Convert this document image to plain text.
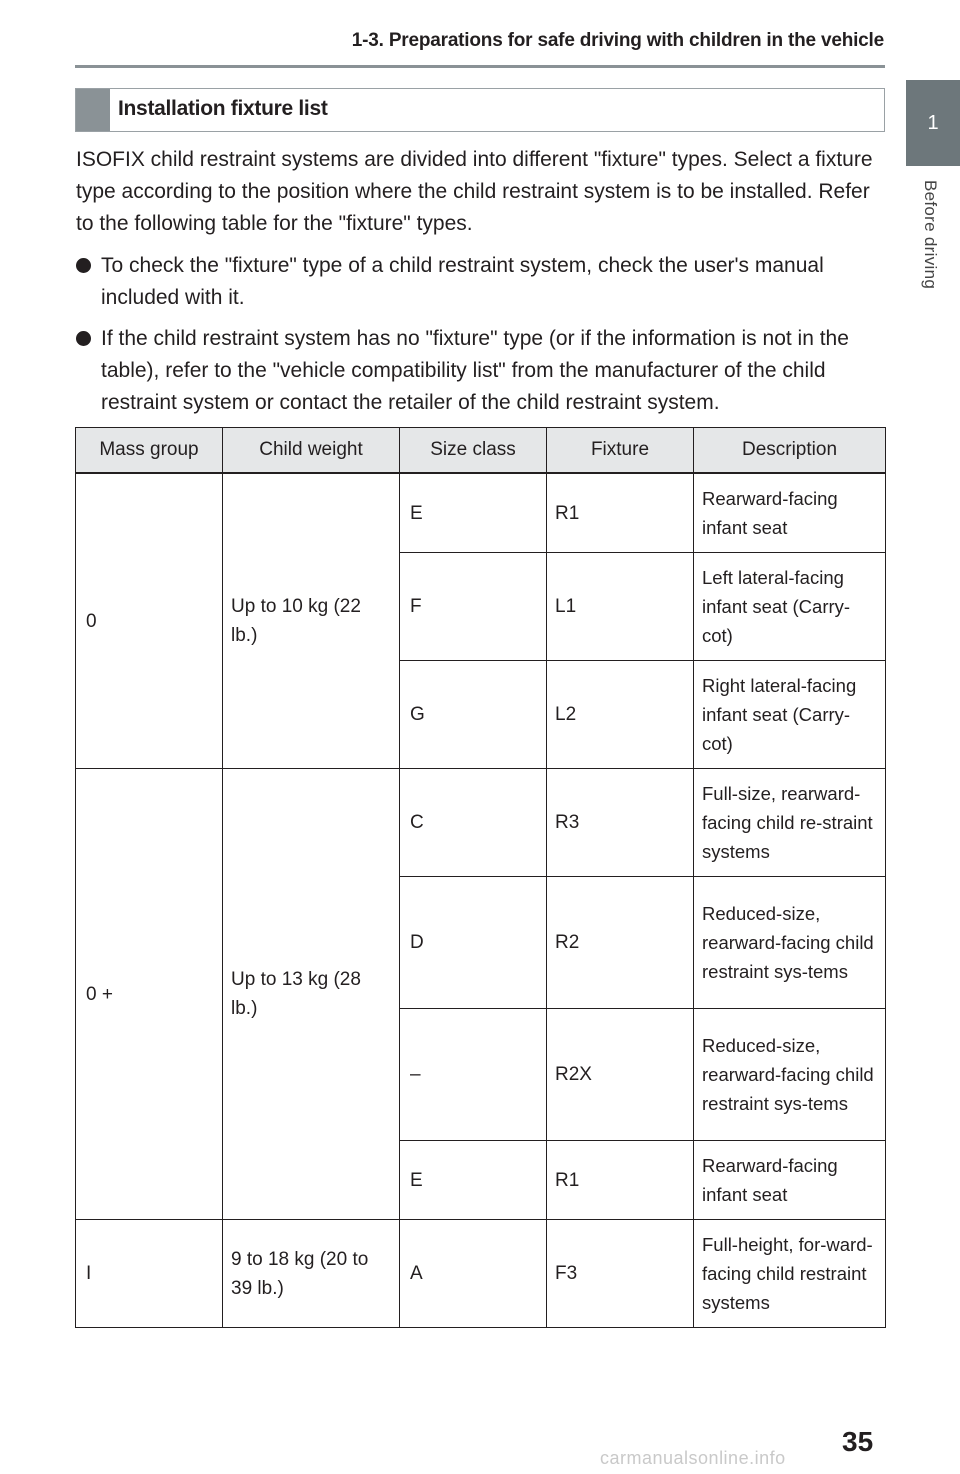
1-3. Preparations for safe driving with children in the vehicle
1
Before driving
Installation fixture list
ISOFIX child restraint systems are divided into different "fixture" types. Select a fixture type according to the position where the child restraint system is to be installed. Refer to the following table for the "fixture" types.
To check the "fixture" type of a child restraint system, check the user's manual included with it.
If the child restraint system has no "fixture" type (or if the information is not in the table), refer to the "vehicle compatibility list" from the manufacturer of the child restraint system or contact the retailer of the child restraint system.
Mass group	Child weight	Size class	Fixture	Description
0	Up to 10 kg (22 lb.)	E	R1	Rearward-facing infant seat
		F	L1	Left lateral-facing infant seat (Carry-cot)
		G	L2	Right lateral-facing infant seat (Carry-cot)
0 +	Up to 13 kg (28 lb.)	C	R3	Full-size, rearward-facing child re-straint systems
		D	R2	Reduced-size, rearward-facing child restraint sys-tems
		–	R2X	Reduced-size, rearward-facing child restraint sys-tems
		E	R1	Rearward-facing infant seat
I	9 to 18 kg (20 to 39 lb.)	A	F3	Full-height, for-ward-facing child restraint systems
35
carmanualsonline.info
